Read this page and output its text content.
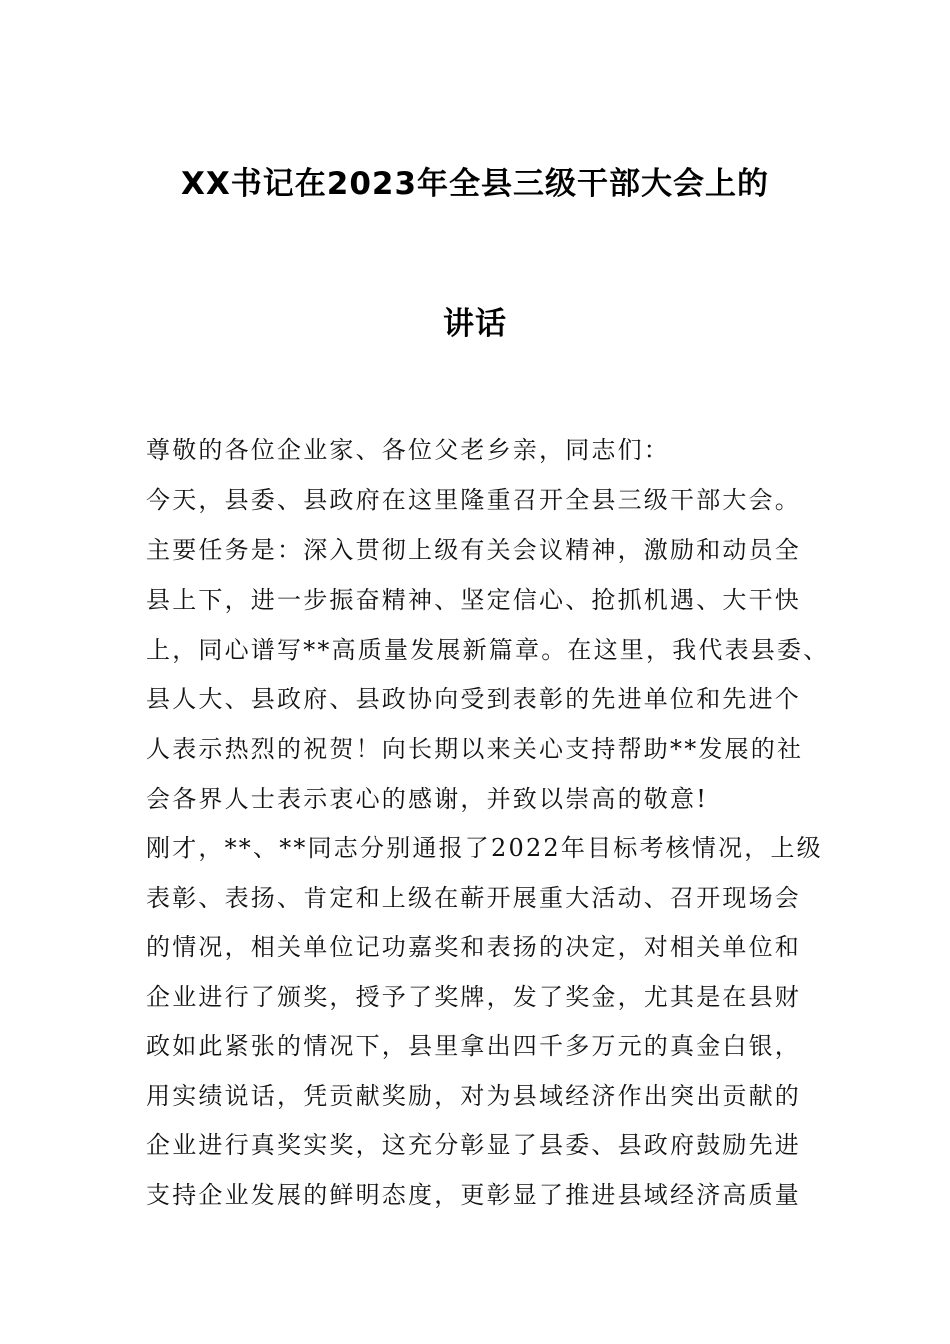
XX书记在2023年全县三级干部大会上的
讲话
尊敬的各位企业家、各位父老乡亲，同志们：
今天，县委、县政府在这里隆重召开全县三级干部大会。
主要任务是：深入贯彻上级有关会议精神，激励和动员全
县上下，进一步振奋精神、坚定信心、抢抓机遇、大干快
上，同心谱写**高质量发展新篇章。在这里，我代表县委、
县人大、县政府、县政协向受到表彰的先进单位和先进个
人表示热烈的祝贺！向长期以来关心支持帮助**发展的社
会各界人士表示衷心的感谢，并致以崇高的敬意!
刚才，**、**同志分别通报了2022年目标考核情况，上级
表彰、表扬、肯定和上级在蕲开展重大活动、召开现场会
的情况，相关单位记功嘉奖和表扬的决定，对相关单位和
企业进行了颁奖，授予了奖牌，发了奖金，尤其是在县财
政如此紧张的情况下，县里拿出四千多万元的真金白银，
用实绩说话，凭贡献奖励，对为县域经济作出突出贡献的
企业进行真奖实奖，这充分彰显了县委、县政府鼓励先进
支持企业发展的鲜明态度，更彰显了推进县域经济高质量
